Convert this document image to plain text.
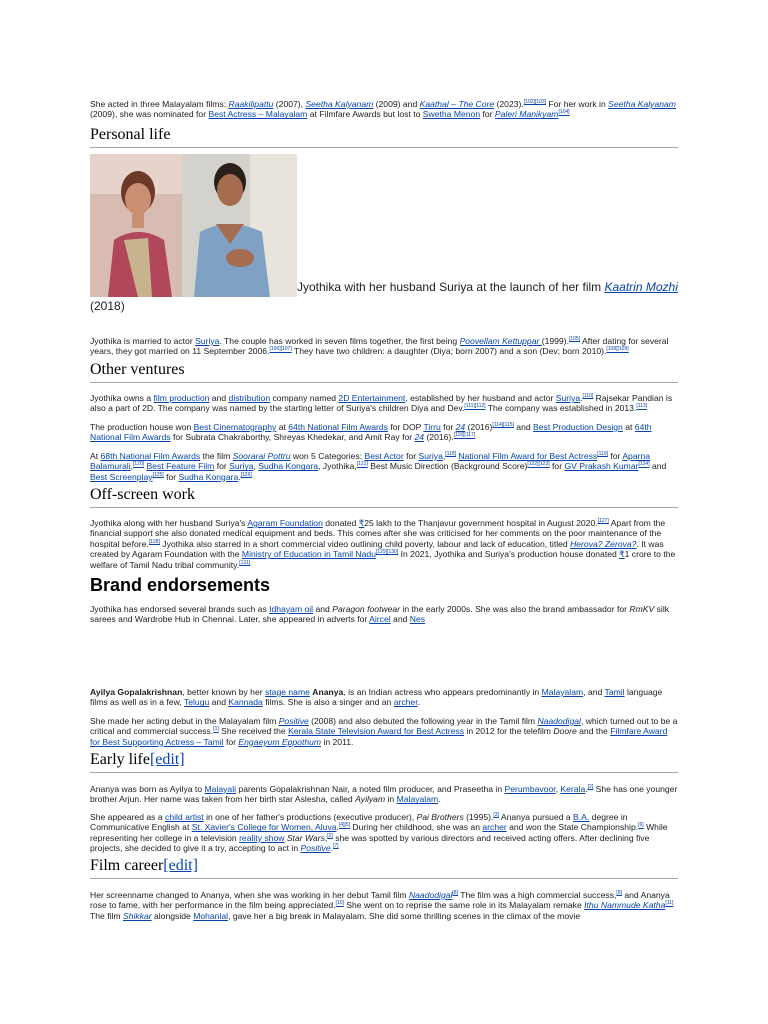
She acted in three Malayalam films: Raakilipattu (2007), Seetha Kalyanam (2009) and Kaathal – The Core (2023).[102][103] For her work in Seetha Kalyanam (2009), she was nominated for Best Actress – Malayalam at Filmfare Awards but lost to Swetha Menon for Paleri Manikyam[104]

Personal life
Jyothika with her husband Suriya at the launch of her film Kaatrin Mozhi (2018)

Jyothika is married to actor Suriya. The couple has worked in seven films together, the first being Poovellam Kettuppar (1999).[105] After dating for several years, they got married on 11 September 2006.[106][107] They have two children: a daughter (Diya; born 2007) and a son (Dev; born 2010).[108][109]

Other ventures

Jyothika owns a film production and distribution company named 2D Entertainment, established by her husband and actor Suriya.[110] Rajsekar Pandian is also a part of 2D. The company was named by the starting letter of Suriya's children Diya and Dev.[111][112] The company was established in 2013.[113]

The production house won Best Cinematography at 64th National Film Awards for DOP Tirru for 24 (2016)[114][115] and Best Production Design at 64th National Film Awards for Subrata Chakraborthy, Shreyas Khedekar, and Amit Ray for 24 (2016).[116][117]

At 68th National Film Awards the film Soorarai Pottru won 5 Categories: Best Actor for Suriya,[118] National Film Award for Best Actress[119] for Aparna Balamurali,[120] Best Feature Film for Suriya, Sudha Kongara, Jyothika,[121] Best Music Direction (Background Score)[122][123] for GV Prakash Kumar[124] and Best Screenplay[125] for Sudha Kongara.[126]

Off-screen work

Jyothika along with her husband Suriya's Agaram Foundation donated ₹25 lakh to the Thanjavur government hospital in August 2020.[127] Apart from the financial support she also donated medical equipment and beds. This comes after she was criticised for her comments on the poor maintenance of the hospital before.[128] Jyothika also starred in a short commercial video outlining child poverty, labour and lack of education, titled Herova? Zerova?. It was created by Agaram Foundation with the Ministry of Education in Tamil Nadu[129][130] In 2021, Jyothika and Suriya's production house donated ₹1 crore to the welfare of Tamil Nadu tribal community.[131]

Brand endorsements

Jyothika has endorsed several brands such as Idhayam oil and Paragon footwear in the early 2000s. She was also the brand ambassador for RmKV silk sarees and Wardrobe Hub in Chennai. Later, she appeared in adverts for Aircel and Nes

Ayilya Gopalakrishnan, better known by her stage name Ananya, is an Indian actress who appears predominantly in Malayalam, and Tamil language films as well as in a few, Telugu and Kannada films. She is also a singer and an archer.

She made her acting debut in the Malayalam film Positive (2008) and also debuted the following year in the Tamil film Naadodigal, which turned out to be a critical and commercial success.[1] She received the Kerala State Television Award for Best Actress in 2012 for the telefilm Doore and the Filmfare Award for Best Supporting Actress – Tamil for Engaeyum Eppothum in 2011.

Early life[edit]

Ananya was born as Ayilya to Malayali parents Gopalakrishnan Nair, a noted film producer, and Praseetha in Perumbavoor, Kerala.[2] She has one younger brother Arjun. Her name was taken from her birth star Aslesha, called Ayilyam in Malayalam.

She appeared as a child artist in one of her father's productions (executive producer), Pai Brothers (1995).[3] Ananya pursued a B.A. degree in Communicative English at St. Xavier's College for Women, Aluva.[4][5] During her childhood, she was an archer and won the State Championship.[6] While representing her college in a television reality show Star Wars,[2] she was spotted by various directors and received acting offers. After declining five projects, she decided to give it a try, accepting to act in Positive.[7]

Film career[edit]

Her screenname changed to Ananya, when she was working in her debut Tamil film Naadodigal[8] The film was a high commercial success,[9] and Ananya rose to fame, with her performance in the film being appreciated.[10] She went on to reprise the same role in its Malayalam remake Ithu Nammude Katha[11] The film Shikkar alongside Mohanlal, gave her a big break in Malayalam. She did some thrilling scenes in the climax of the movie
